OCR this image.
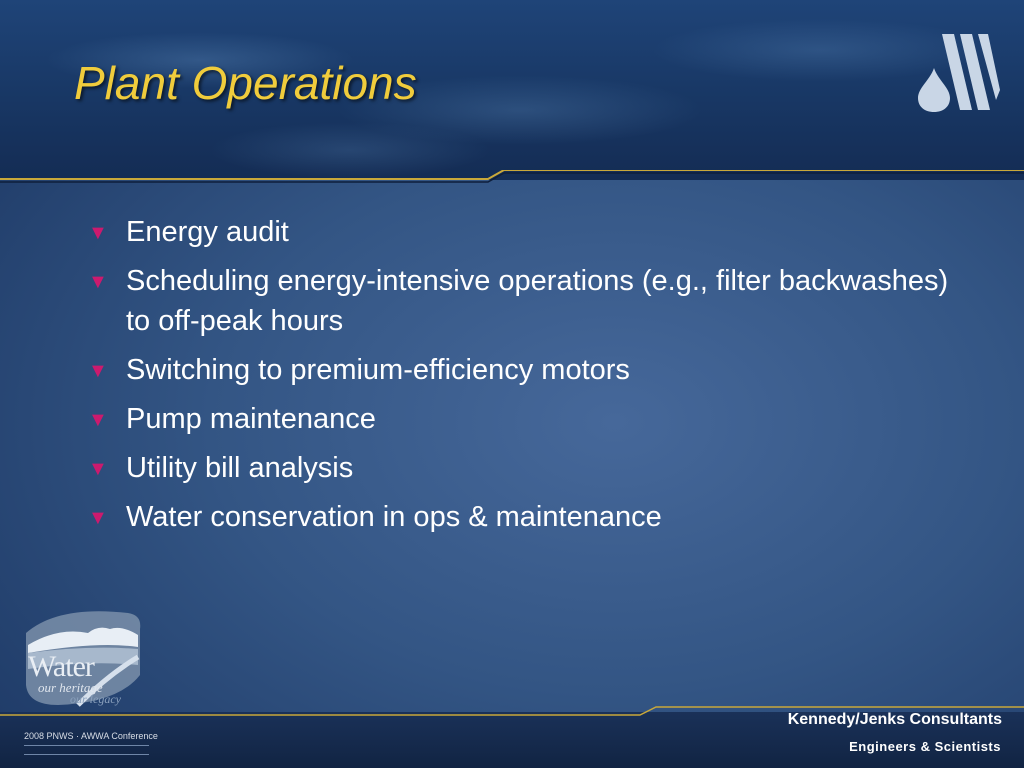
Plant Operations
▼ Energy audit
▼ Scheduling energy-intensive operations (e.g., filter backwashes) to off-peak hours
▼ Switching to premium-efficiency motors
▼ Pump maintenance
▼ Utility bill analysis
▼ Water conservation in ops & maintenance
Water
our heritage
our legacy
2008 PNWS · AWWA Conference
Kennedy/Jenks Consultants
Engineers & Scientists
